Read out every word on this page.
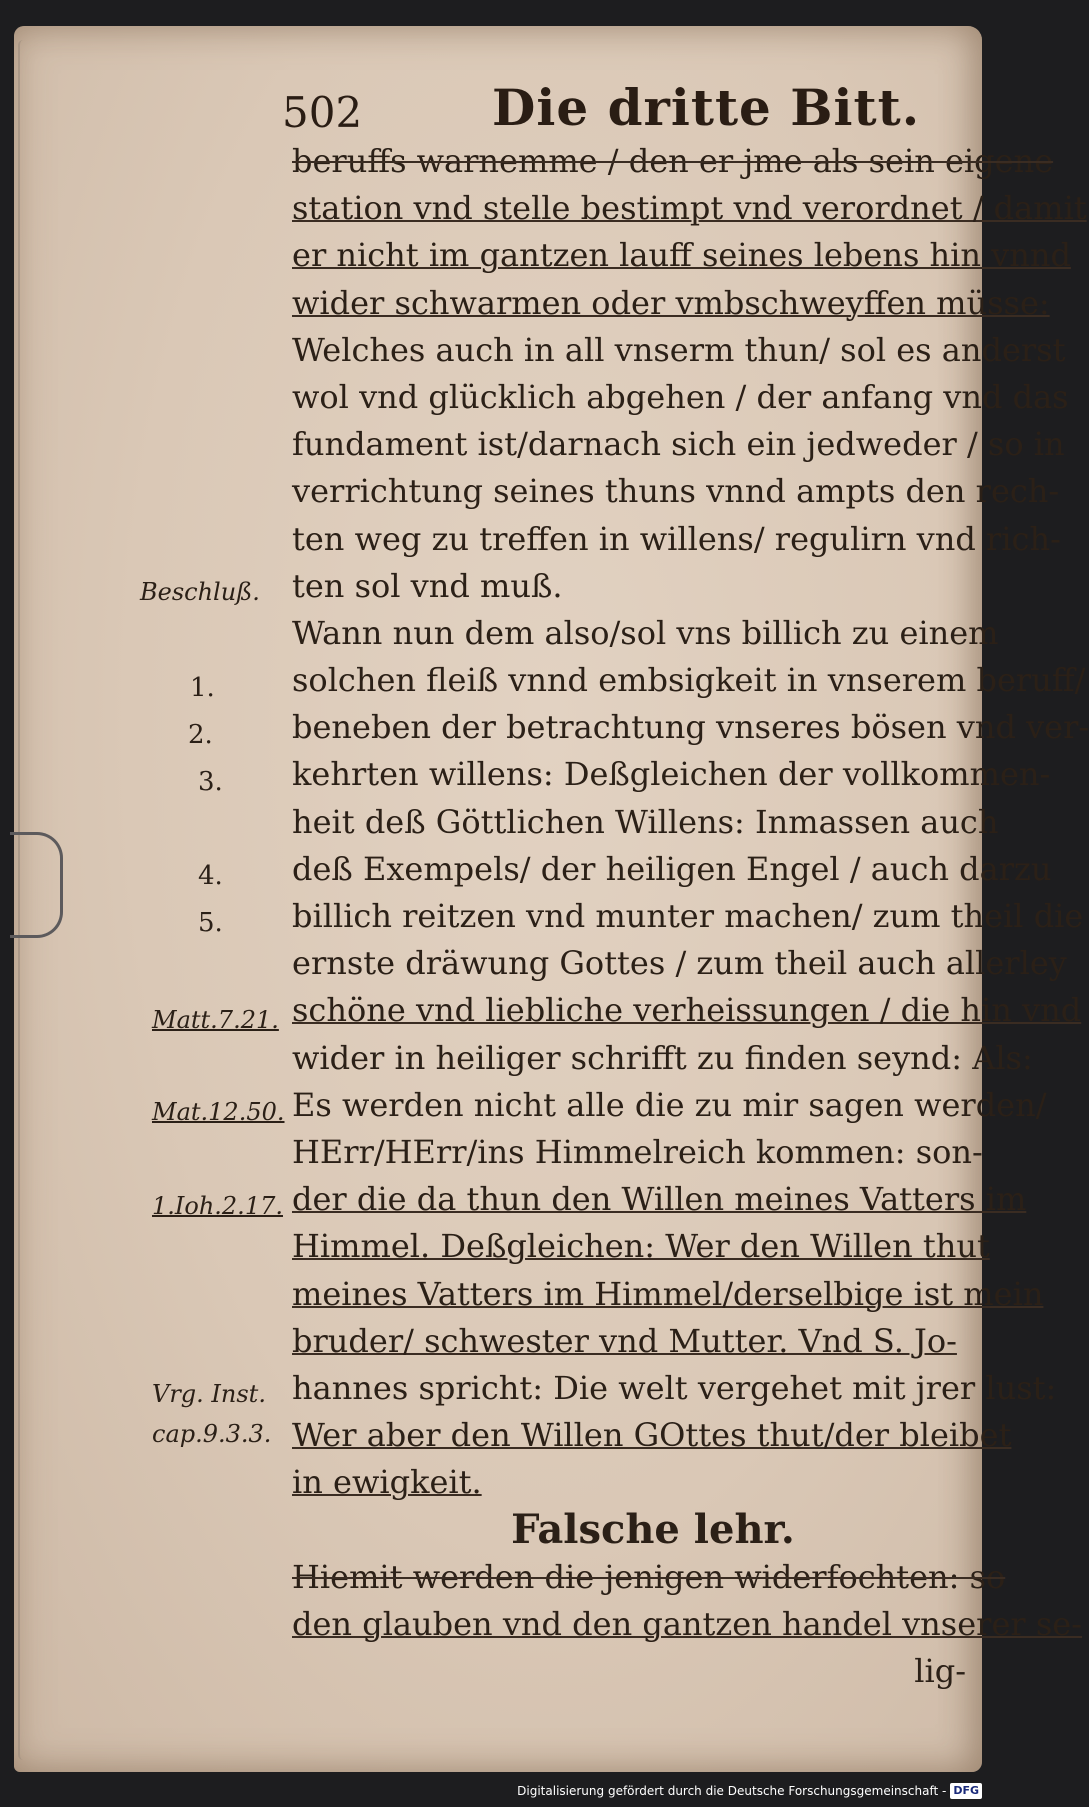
502	Die dritte Bitt.
beruffs warnemme / den er jme als sein eigene
station vnd stelle bestimpt vnd verordnet / damit
er nicht im gantzen lauff seines lebens hin vnnd
wider schwarmen oder vmbschweyffen müsse:
Welches auch in all vnserm thun/ sol es anderst
wol vnd glücklich abgehen / der anfang vnd das
fundament ist/darnach sich ein jedweder / so in
verrichtung seines thuns vnnd ampts den rech-
ten weg zu treffen in willens/ regulirn vnd rich-
ten sol vnd muß.
Wann nun dem also/sol vns billich zu einem
solchen fleiß vnnd embsigkeit in vnserem beruff/
beneben der betrachtung vnseres bösen vnd ver-
kehrten willens: Deßgleichen der vollkommen-
heit deß Göttlichen Willens: Inmassen auch
deß Exempels/ der heiligen Engel / auch darzu
billich reitzen vnd munter machen/ zum theil die
ernste dräwung Gottes / zum theil auch allerley
schöne vnd liebliche verheissungen / die hin vnd
wider in heiliger schrifft zu finden seynd: Als:
Es werden nicht alle die zu mir sagen werden/
HErr/HErr/ins Himmelreich kommen: son-
der die da thun den Willen meines Vatters im
Himmel. Deßgleichen: Wer den Willen thut
meines Vatters im Himmel/derselbige ist mein
bruder/ schwester vnd Mutter. Vnd S. Jo-
hannes spricht: Die welt vergehet mit jrer lust:
Wer aber den Willen GOttes thut/der bleibet
in ewigkeit.
Falsche lehr.
Hiemit werden die jenigen widerfochten: so
den glauben vnd den gantzen handel vnserer se-
lig-
Beschluß.
1.
2.
3.
4.
5.
Matt.7.21.
Mat.12.50.
1.Ioh.2.17.
Vrg. Inst.
cap.9.3.3.
Digitalisierung gefördert durch die Deutsche Forschungsgemeinschaft - DFG
